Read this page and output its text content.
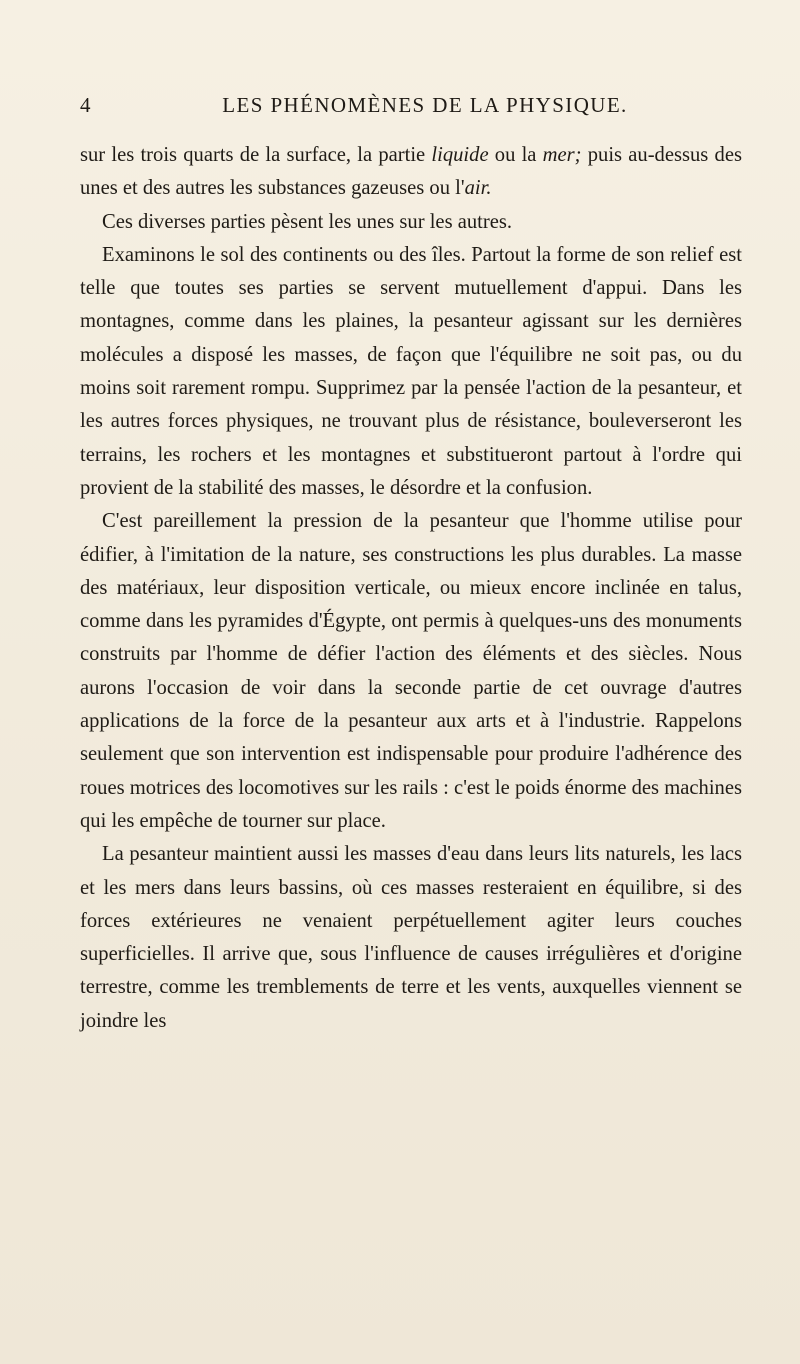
4	LES PHÉNOMÈNES DE LA PHYSIQUE.

sur les trois quarts de la surface, la partie liquide ou la mer; puis au-dessus des unes et des autres les substances gazeuses ou l'air.

Ces diverses parties pèsent les unes sur les autres.

Examinons le sol des continents ou des îles. Partout la forme de son relief est telle que toutes ses parties se servent mutuellement d'appui. Dans les montagnes, comme dans les plaines, la pesanteur agissant sur les dernières molécules a disposé les masses, de façon que l'équilibre ne soit pas, ou du moins soit rarement rompu. Supprimez par la pensée l'action de la pesanteur, et les autres forces physiques, ne trouvant plus de résistance, bouleverseront les terrains, les rochers et les montagnes et substitueront partout à l'ordre qui provient de la stabilité des masses, le désordre et la confusion.

C'est pareillement la pression de la pesanteur que l'homme utilise pour édifier, à l'imitation de la nature, ses constructions les plus durables. La masse des matériaux, leur disposition verticale, ou mieux encore inclinée en talus, comme dans les pyramides d'Égypte, ont permis à quelques-uns des monuments construits par l'homme de défier l'action des éléments et des siècles. Nous aurons l'occasion de voir dans la seconde partie de cet ouvrage d'autres applications de la force de la pesanteur aux arts et à l'industrie. Rappelons seulement que son intervention est indispensable pour produire l'adhérence des roues motrices des locomotives sur les rails : c'est le poids énorme des machines qui les empêche de tourner sur place.

La pesanteur maintient aussi les masses d'eau dans leurs lits naturels, les lacs et les mers dans leurs bassins, où ces masses resteraient en équilibre, si des forces extérieures ne venaient perpétuellement agiter leurs couches superficielles. Il arrive que, sous l'influence de causes irrégulières et d'origine terrestre, comme les tremblements de terre et les vents, auxquelles viennent se joindre les
